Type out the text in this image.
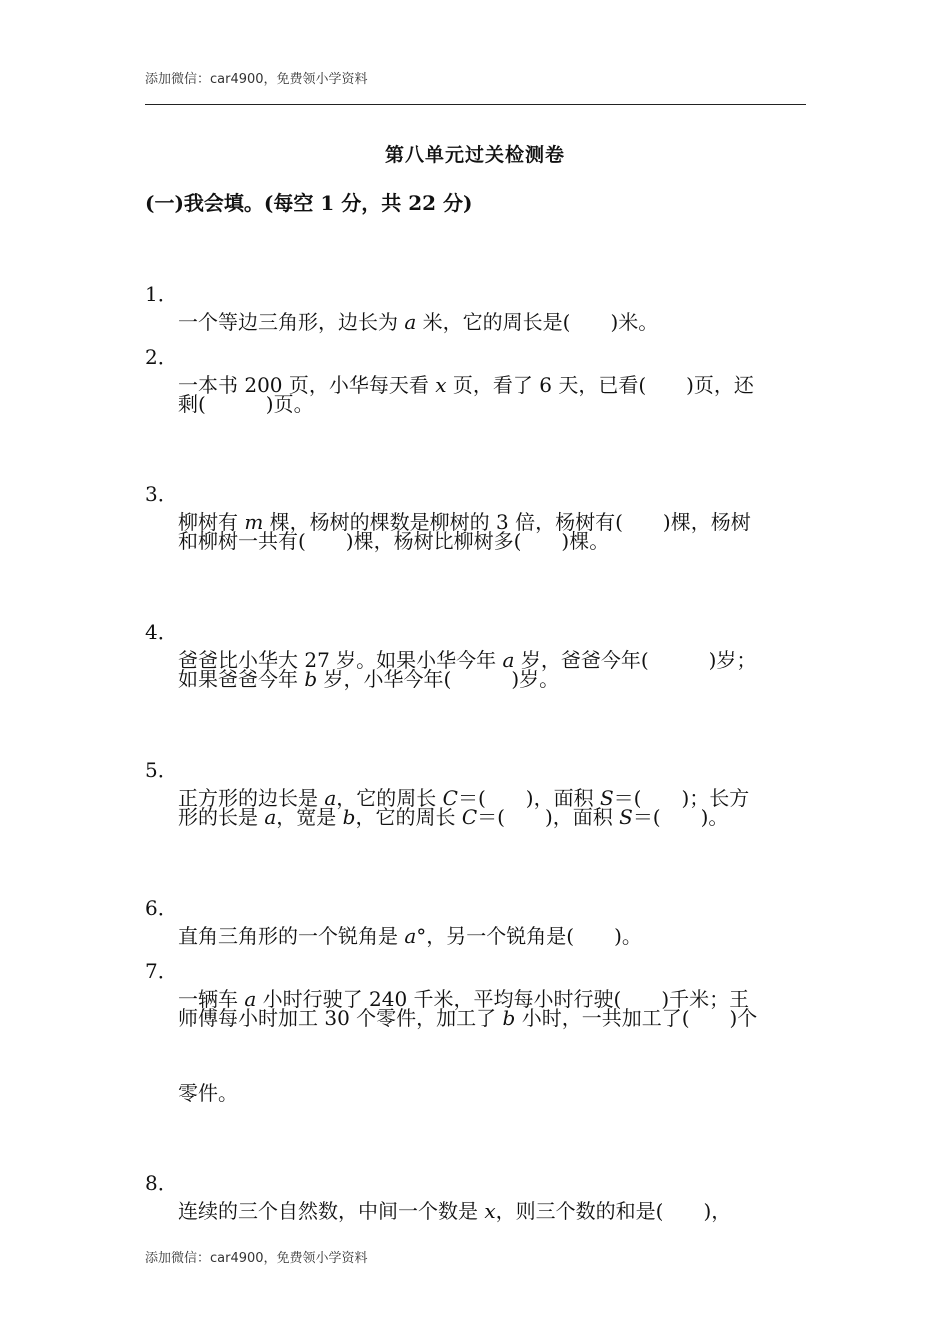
添加微信：car4900，免费领小学资料
第八单元过关检测卷
(一)我会填。(每空 1 分，共 22 分)

1．

一个等边三角形，边长为 a 米，它的周长是(　　)米。

2．

一本书 200 页，小华每天看 x 页，看了 6 天，已看(　　)页，还

剩(　　　)页。

3．

柳树有 m 棵，杨树的棵数是柳树的 3 倍，杨树有(　　)棵，杨树

和柳树一共有(　　)棵，杨树比柳树多(　　)棵。

4．

爸爸比小华大 27 岁。如果小华今年 a 岁，爸爸今年(　　　)岁；

如果爸爸今年 b 岁，小华今年(　　　)岁。

5．

正方形的边长是 a，它的周长 C＝(　　)，面积 S＝(　　)；长方

形的长是 a，宽是 b，它的周长 C＝(　　)，面积 S＝(　　)。

6．

直角三角形的一个锐角是 a°，另一个锐角是(　　)。

7．

一辆车 a 小时行驶了 240 千米，平均每小时行驶(　　)千米；王

师傅每小时加工 30 个零件，加工了 b 小时，一共加工了(　　)个
零件。

8．

连续的三个自然数，中间一个数是 x，则三个数的和是(　　)，

添加微信：car4900，免费领小学资料
